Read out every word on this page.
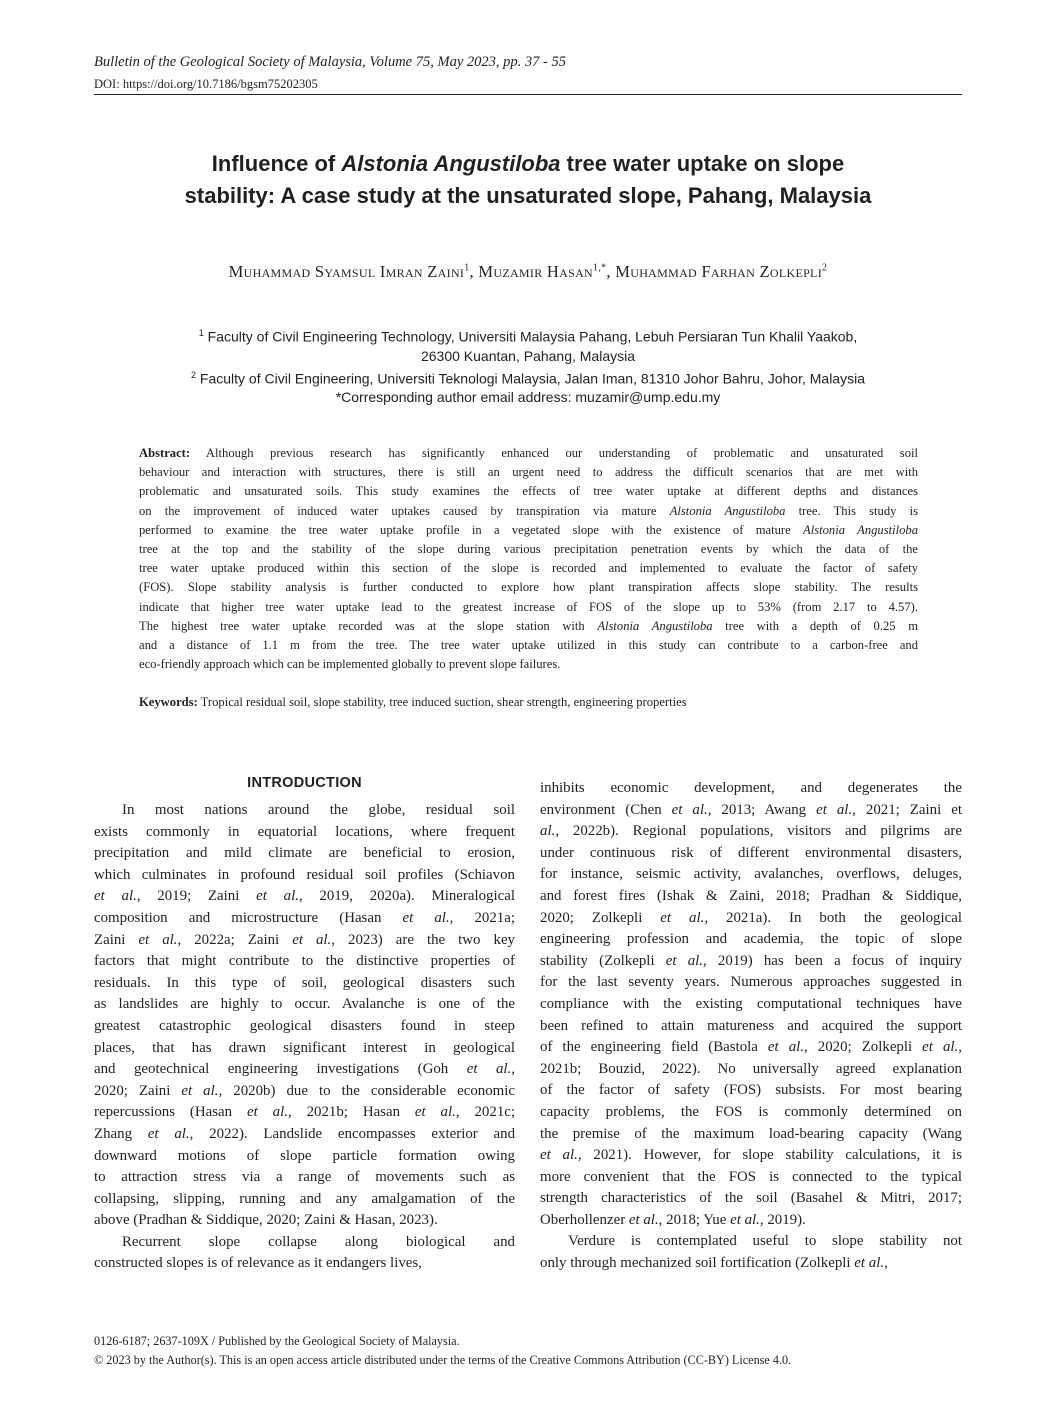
Bulletin of the Geological Society of Malaysia, Volume 75, May 2023, pp. 37 - 55
DOI: https://doi.org/10.7186/bgsm75202305
Influence of Alstonia Angustiloba tree water uptake on slope
stability: A case study at the unsaturated slope, Pahang, Malaysia
Muhammad Syamsul Imran Zaini$^1$, Muzamir Hasan$^{1,*}$, Muhammad Farhan Zolkepli$^2$
$^1$ Faculty of Civil Engineering Technology, Universiti Malaysia Pahang, Lebuh Persiaran Tun Khalil Yaakob,
26300 Kuantan, Pahang, Malaysia
$^2$ Faculty of Civil Engineering, Universiti Teknologi Malaysia, Jalan Iman, 81310 Johor Bahru, Johor, Malaysia
*Corresponding author email address: muzamir@ump.edu.my
Abstract: Although previous research has significantly enhanced our understanding of problematic and unsaturated soil
behaviour and interaction with structures, there is still an urgent need to address the difficult scenarios that are met with
problematic and unsaturated soils. This study examines the effects of tree water uptake at different depths and distances
on the improvement of induced water uptakes caused by transpiration via mature Alstonia Angustiloba tree. This study is
performed to examine the tree water uptake profile in a vegetated slope with the existence of mature Alstonia Angustiloba
tree at the top and the stability of the slope during various precipitation penetration events by which the data of the
tree water uptake produced within this section of the slope is recorded and implemented to evaluate the factor of safety
(FOS). Slope stability analysis is further conducted to explore how plant transpiration affects slope stability. The results
indicate that higher tree water uptake lead to the greatest increase of FOS of the slope up to 53% (from 2.17 to 4.57).
The highest tree water uptake recorded was at the slope station with Alstonia Angustiloba tree with a depth of 0.25 m
and a distance of 1.1 m from the tree. The tree water uptake utilized in this study can contribute to a carbon-free and
eco-friendly approach which can be implemented globally to prevent slope failures.
Keywords: Tropical residual soil, slope stability, tree induced suction, shear strength, engineering properties
INTRODUCTION
In most nations around the globe, residual soil
exists commonly in equatorial locations, where frequent
precipitation and mild climate are beneficial to erosion,
which culminates in profound residual soil profiles (Schiavon
et al., 2019; Zaini et al., 2019, 2020a). Mineralogical
composition and microstructure (Hasan et al., 2021a;
Zaini et al., 2022a; Zaini et al., 2023) are the two key
factors that might contribute to the distinctive properties of
residuals. In this type of soil, geological disasters such
as landslides are highly to occur. Avalanche is one of the
greatest catastrophic geological disasters found in steep
places, that has drawn significant interest in geological
and geotechnical engineering investigations (Goh et al.,
2020; Zaini et al., 2020b) due to the considerable economic
repercussions (Hasan et al., 2021b; Hasan et al., 2021c;
Zhang et al., 2022). Landslide encompasses exterior and
downward motions of slope particle formation owing
to attraction stress via a range of movements such as
collapsing, slipping, running and any amalgamation of the
above (Pradhan & Siddique, 2020; Zaini & Hasan, 2023).
Recurrent slope collapse along biological and
constructed slopes is of relevance as it endangers lives,
inhibits economic development, and degenerates the
environment (Chen et al., 2013; Awang et al., 2021; Zaini et
al., 2022b). Regional populations, visitors and pilgrims are
under continuous risk of different environmental disasters,
for instance, seismic activity, avalanches, overflows, deluges,
and forest fires (Ishak & Zaini, 2018; Pradhan & Siddique,
2020; Zolkepli et al., 2021a). In both the geological
engineering profession and academia, the topic of slope
stability (Zolkepli et al., 2019) has been a focus of inquiry
for the last seventy years. Numerous approaches suggested in
compliance with the existing computational techniques have
been refined to attain matureness and acquired the support
of the engineering field (Bastola et al., 2020; Zolkepli et al.,
2021b; Bouzid, 2022). No universally agreed explanation
of the factor of safety (FOS) subsists. For most bearing
capacity problems, the FOS is commonly determined on
the premise of the maximum load-bearing capacity (Wang
et al., 2021). However, for slope stability calculations, it is
more convenient that the FOS is connected to the typical
strength characteristics of the soil (Basahel & Mitri, 2017;
Oberhollenzer et al., 2018; Yue et al., 2019).
Verdure is contemplated useful to slope stability not
only through mechanized soil fortification (Zolkepli et al.,
0126-6187; 2637-109X / Published by the Geological Society of Malaysia.
© 2023 by the Author(s). This is an open access article distributed under the terms of the Creative Commons Attribution (CC-BY) License 4.0.
